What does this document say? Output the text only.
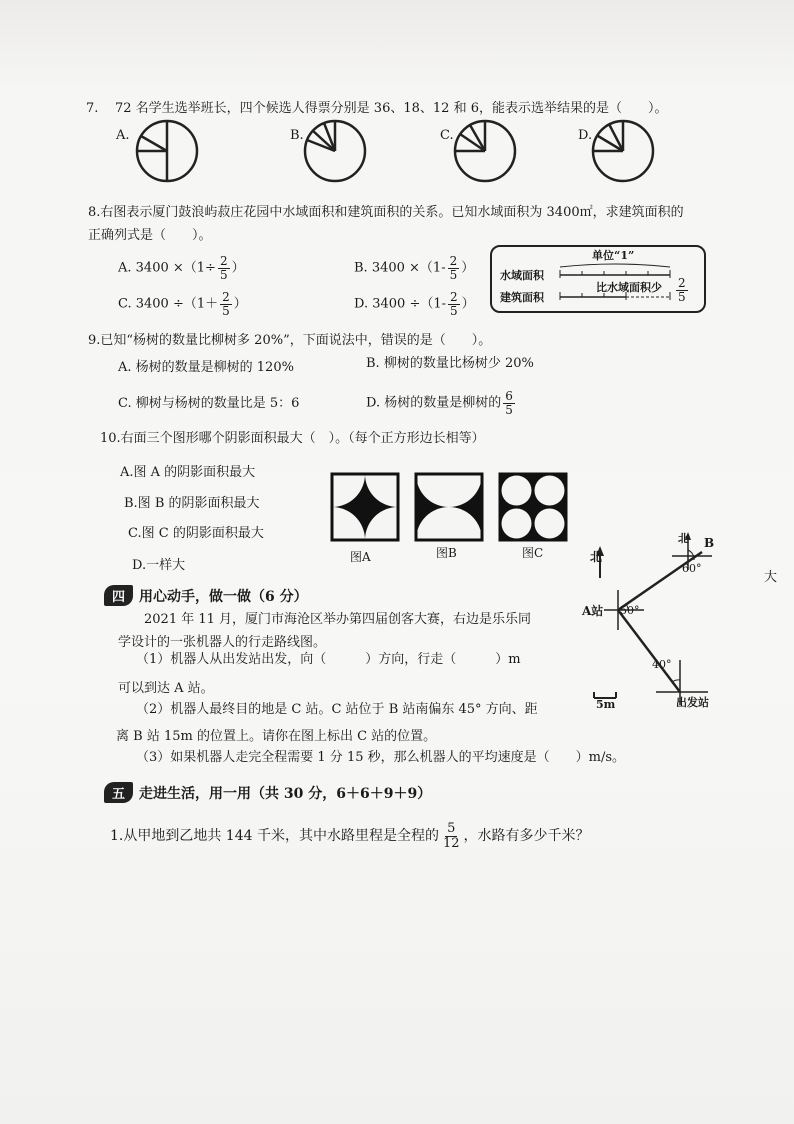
7. 72 名学生选举班长，四个候选人得票分别是 36、18、12 和 6，能表示选举结果的是（　　）。
A.	B.	C.	D.
8.右图表示厦门鼓浪屿菽庄花园中水域面积和建筑面积的关系。已知水域面积为 3400㎡，求建筑面积的
正确列式是（　　）。
A. $3400 \times(1\div \frac{2}{5}$ ）	B. $3400 \times(1- \frac{2}{5}$ ）
C. $3400 \div(1+ \frac{2}{5}$ ）	D. $3400 \div(1- \frac{2}{5}$ ）
单位“1”
水域面积
建筑面积
比水域面积少 $\frac{2}{5}$
9.已知“杨树的数量比柳树多 20%”，下面说法中，错误的是（　　）。
A. 杨树的数量是柳树的 120%	B. 柳树的数量比杨树少 20%
C. 柳树与杨树的数量比是 5：6	D. 杨树的数量是柳树的 $\frac{6}{5}$
10.右面三个图形哪个阴影面积最大（　）。（每个正方形边长相等）
A.图 A 的阴影面积最大
B.图 B 的阴影面积最大
C.图 C 的阴影面积最大
D.一样大
图A	图B	图C
四	用心动手，做一做（6 分）
2021 年 11 月，厦门市海沧区举办第四届创客大赛，右边是乐乐同
学设计的一张机器人的行走路线图。
（1）机器人从出发站出发，向（　　　）方向，行走（　　　）m
可以到达 A 站。
（2）机器人最终目的地是 C 站。C 站位于 B 站南偏东 45° 方向、距
离 B 站 15m 的位置上。请你在图上标出 C 站的位置。
（3）如果机器人走完全程需要 1 分 15 秒，那么机器人的平均速度是（　　）m/s。
大
北
北 B
60°
A站 50°
40°
5m	出发站
五	走进生活，用一用（共 30 分，6＋6＋9＋9）
1.从甲地到乙地共 144 千米，其中水路里程是全程的 $\frac{5}{12}$ ，水路有多少千米？
